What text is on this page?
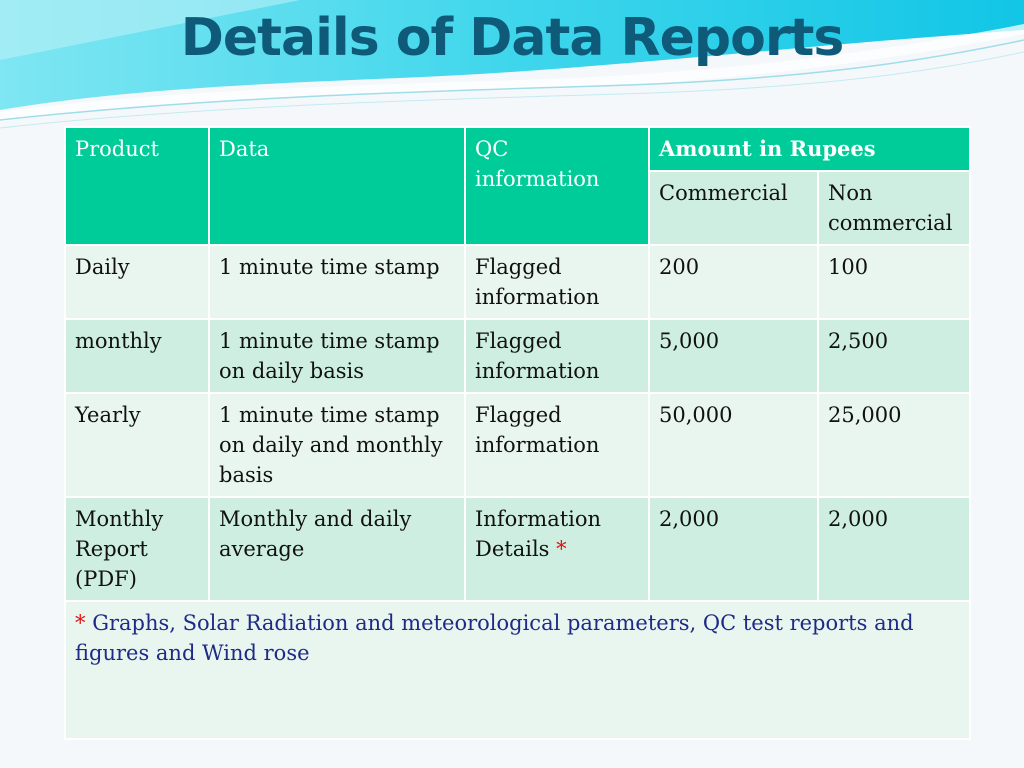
Details of Data Reports
Product	Data	QC information	Amount in Rupees	
			Commercial	Non commercial
Daily	1 minute time stamp	Flagged information	200	100
monthly	1 minute time stamp on daily basis	Flagged information	5,000	2,500
Yearly	1 minute time stamp on daily and monthly basis	Flagged information	50,000	25,000
Monthly Report (PDF)	Monthly and daily average	Information Details *	2,000	2,000
* Graphs, Solar Radiation and meteorological parameters, QC test reports and figures and Wind rose				
